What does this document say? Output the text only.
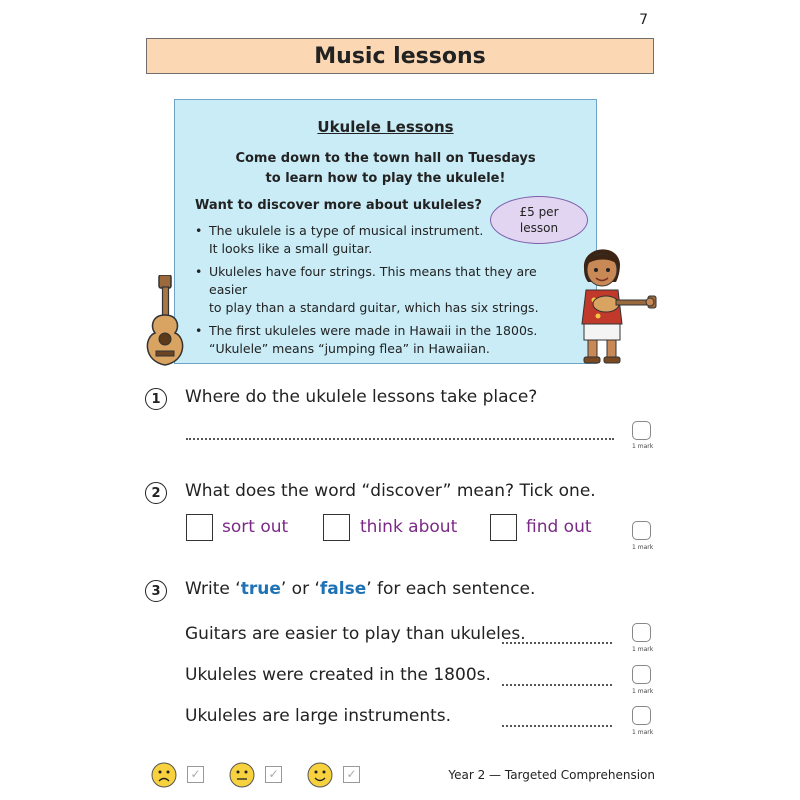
7
Music lessons
Ukulele Lessons
Come down to the town hall on Tuesdays
to learn how to play the ukulele!
Want to discover more about ukuleles?	£5 per
lesson
• The ukulele is a type of musical instrument.
It looks like a small guitar.
• Ukuleles have four strings. This means that they are easier
to play than a standard guitar, which has six strings.
• The first ukuleles were made in Hawaii in the 1800s.
“Ukulele” means “jumping flea” in Hawaiian.
1	Where do the ukulele lessons take place?
1 mark
2	What does the word “discover” mean? Tick one.
sort out	think about	find out
1 mark
3	Write ‘true’ or ‘false’ for each sentence.
Guitars are easier to play than ukuleles.
1 mark
Ukuleles were created in the 1800s.
1 mark
Ukuleles are large instruments.
1 mark
✓	✓	✓	Year 2 — Targeted Comprehension
